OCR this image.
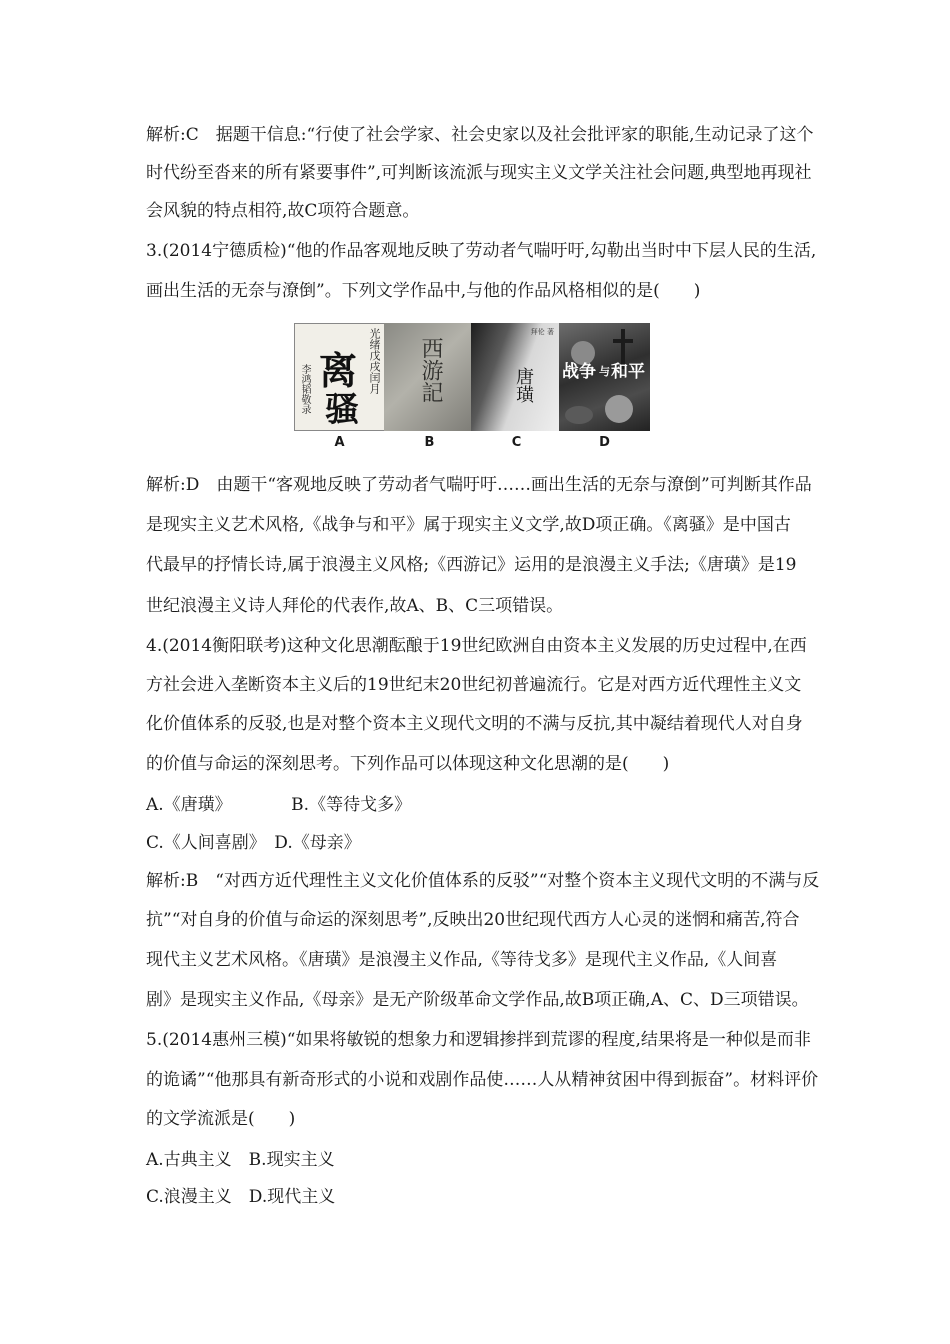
解析:C　据题干信息:“行使了社会学家、社会史家以及社会批评家的职能,生动记录了这个
时代纷至沓来的所有紧要事件”,可判断该流派与现实主义文学关注社会问题,典型地再现社
会风貌的特点相符,故C项符合题意。
3.(2014宁德质检)“他的作品客观地反映了劳动者气喘吁吁,勾勒出当时中下层人民的生活,
画出生活的无奈与潦倒”。下列文学作品中,与他的作品风格相似的是(　　)
光绪戊戌闰月
李鸿韬敬录 离
骚
A
西游記
B
拜伦 著
唐璜
C
战争 与 和平
D
解析:D　由题干“客观地反映了劳动者气喘吁吁……画出生活的无奈与潦倒”可判断其作品
是现实主义艺术风格,《战争与和平》属于现实主义文学,故D项正确。《离骚》是中国古
代最早的抒情长诗,属于浪漫主义风格;《西游记》运用的是浪漫主义手法;《唐璜》是19
世纪浪漫主义诗人拜伦的代表作,故A、B、C三项错误。
4.(2014衡阳联考)这种文化思潮酝酿于19世纪欧洲自由资本主义发展的历史过程中,在西
方社会进入垄断资本主义后的19世纪末20世纪初普遍流行。它是对西方近代理性主义文
化价值体系的反驳,也是对整个资本主义现代文明的不满与反抗,其中凝结着现代人对自身
的价值与命运的深刻思考。下列作品可以体现这种文化思潮的是(　　)
A.《唐璜》　　　　B.《等待戈多》
C.《人间喜剧》　D.《母亲》
解析:B　“对西方近代理性主义文化价值体系的反驳”“对整个资本主义现代文明的不满与反
抗”“对自身的价值与命运的深刻思考”,反映出20世纪现代西方人心灵的迷惘和痛苦,符合
现代主义艺术风格。《唐璜》是浪漫主义作品,《等待戈多》是现代主义作品,《人间喜
剧》是现实主义作品,《母亲》是无产阶级革命文学作品,故B项正确,A、C、D三项错误。
5.(2014惠州三模)“如果将敏锐的想象力和逻辑掺拌到荒谬的程度,结果将是一种似是而非
的诡谲”“他那具有新奇形式的小说和戏剧作品使……人从精神贫困中得到振奋”。材料评价
的文学流派是(　　)
A.古典主义　B.现实主义
C.浪漫主义　D.现代主义
